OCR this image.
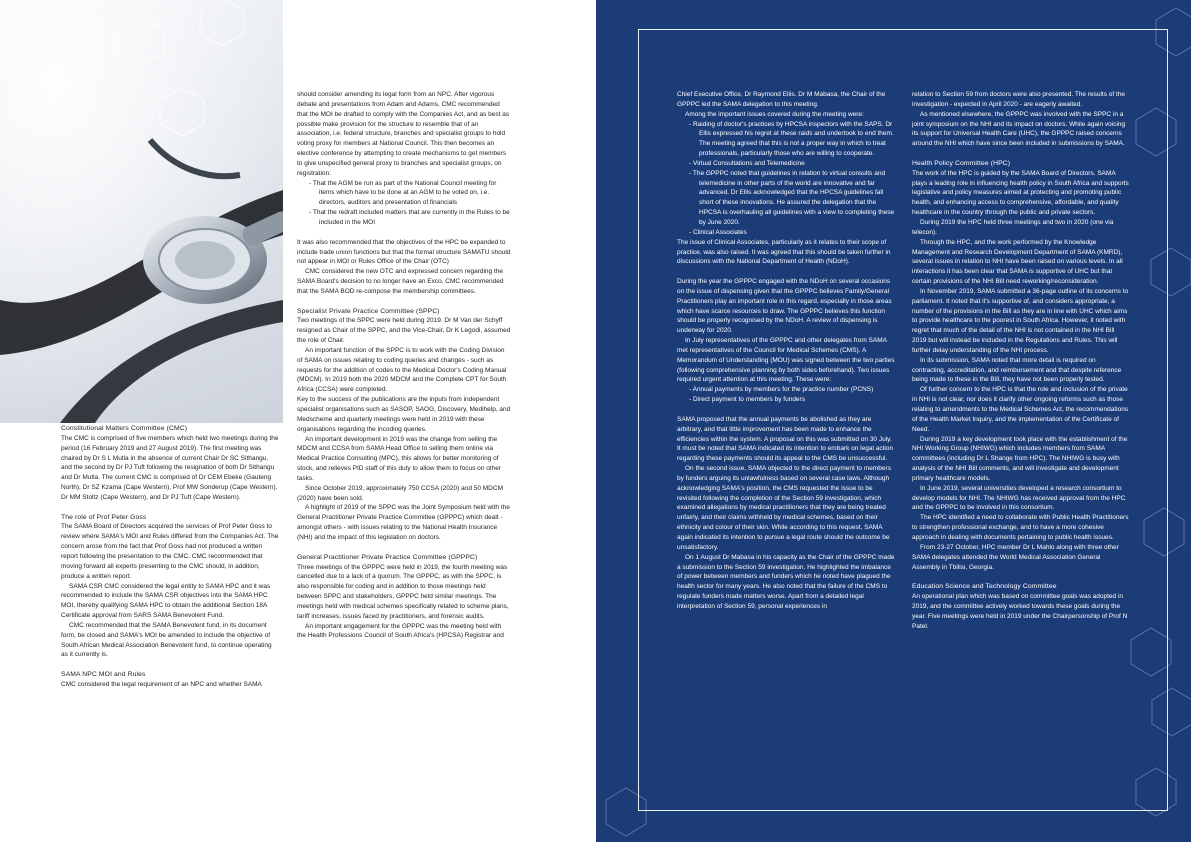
Constitutional Matters Committee (CMC)

The CMC is comprised of five members which held two meetings during the period (16 February 2019 and 27 August 2019). The first meeting was chaired by Dr S L Mutla in the absence of current Chair Dr SC Sithangu, and the second by Dr PJ Tuft following the resignation of both Dr Sithangu and Dr Mutla. The current CMC is comprised of Dr CEM Ebeke (Gauteng North), Dr SZ Kzama (Cape Western), Prof MW Sonderup (Cape Western), Dr MM Stoltz (Cape Western), and Dr PJ Tuft (Cape Western).

The role of Prof Peter Goss

The SAMA Board of Directors acquired the services of Prof Peter Goss to review where SAMA's MOI and Rules differed from the Companies Act. The concern arose from the fact that Prof Goss had not produced a written report following the presentation to the CMC. CMC recommended that moving forward all experts presenting to the CMC should, in addition, produce a written report.

SAMA CSR CMC considered the legal entity to SAMA HPC and it was recommended to include the SAMA CSR objectives into the SAMA HPC MOI, thereby qualifying SAMA HPC to obtain the additional Section 18A Certificate approval from SARS SAMA Benevolent Fund.

CMC recommended that the SAMA Benevolent fund, in its document form, be closed and SAMA's MOI be amended to include the objective of South African Medical Association Benevolent fund, to continue operating as it currently is.

SAMA NPC MOI and Rules

CMC considered the legal requirement of an NPC and whether SAMA

should consider amending its legal form from an NPC. After vigorous debate and presentations from Adam and Adams, CMC recommended that the MOI be drafted to comply with the Companies Act, and as best as possible make provision for the structure to resemble that of an association, i.e. federal structure, branches and specialist groups to hold voting proxy for members at National Council. This then becomes an elective conference by attempting to create mechanisms to get members to give unspecified general proxy to branches and specialist groups, on registration:

- That the AGM be run as part of the National Council meeting for items which have to be done at an AGM to be voted on, i.e. directors, auditors and presentation of financials

- That the redraft included matters that are currently in the Rules to be included in the MOI

It was also recommended that the objectives of the HPC be expanded to include trade union functions but that the formal structure SAMATU should not appear in MOI or Rules Office of the Chair (OTC)

CMC considered the new OTC and expressed concern regarding the SAMA Board's decision to no longer have an Exco. CMC recommended that the SAMA BOD re-compose the membership committees.

Specialist Private Practice Committee (SPPC)

Two meetings of the SPPC were held during 2019. Dr M Van der Schyff resigned as Chair of the SPPC, and the Vice-Chair, Dr K Legodi, assumed the role of Chair.

An important function of the SPPC is to work with the Coding Division of SAMA on issues relating to coding queries and changes - such as requests for the addition of codes to the Medical Doctor's Coding Manual (MDCM). In 2019 both the 2020 MDCM and the Complete CPT for South Africa (CCSA) were completed.

Key to the success of the publications are the inputs from independent specialist organisations such as SASOP, SAOG, Discovery, Medihelp, and Medscheme and quarterly meetings were held in 2019 with these organisations regarding the incoding queries.

An important development in 2019 was the change from selling the MDCM and CCSA from SAMA Head Office to selling them online via Medical Practice Consulting (MPC), this allows for better monitoring of stock, and relieves PID staff of this duty to allow them to focus on other tasks.

Since October 2019, approximately 750 CCSA (2020) and 50 MDCM (2020) have been sold.

A highlight of 2019 of the SPPC was the Joint Symposium held with the General Practitioner Private Practice Committee (GPPPC) which dealt - amongst others - with issues relating to the National Health Insurance (NHI) and the impact of this legislation on doctors.

General Practitioner Private Practice Committee (GPPPC)

Three meetings of the GPPPC were held in 2019, the fourth meeting was cancelled due to a lack of a quorum. The GPPPC, as with the SPPC, is also responsible for coding and in addition to those meetings held between SPPC and stakeholders, GPPPC held similar meetings. The meetings held with medical schemes specifically related to scheme plans, tariff increases, issues faced by practitioners, and forensic audits.

An important engagement for the GPPPC was the meeting held with the Health Professions Council of South Africa's (HPCSA) Registrar and

Chief Executive Office, Dr Raymond Ellis. Dr M Mabasa, the Chair of the GPPPC led the SAMA delegation to this meeting.

Among the important issues covered during the meeting were:

- Raiding of doctor's practices by HPCSA inspectors with the SAPS. Dr Ellis expressed his regret at these raids and undertook to end them. The meeting agreed that this is not a proper way in which to treat professionals, particularly those who are willing to cooperate.

- Virtual Consultations and Telemedicine

- The GPPPC noted that guidelines in relation to virtual consults and telemedicine in other parts of the world are innovative and far advanced. Dr Ellis acknowledged that the HPCSA guidelines fall short of these innovations. He assured the delegation that the HPCSA is overhauling all guidelines with a view to completing these by June 2020.

- Clinical Associates

The issue of Clinical Associates, particularly as it relates to their scope of practice, was also raised. It was agreed that this should be taken further in discussions with the National Department of Health (NDoH).

During the year the GPPPC engaged with the NDoH on several occasions on the issue of dispensing given that the GPPPC believes Family/General Practitioners play an important role in this regard, especially in those areas which have scarce resources to draw. The GPPPC believes this function should be properly recognised by the NDoH. A review of dispensing is underway for 2020.

In July representatives of the GPPPC and other delegates from SAMA met representatives of the Council for Medical Schemes (CMS). A Memorandum of Understanding (MOU) was signed between the two parties (following comprehensive planning by both sides beforehand). Two issues required urgent attention at this meeting. These were:

- Annual payments by members for the practice number (PCNS)

- Direct payment to members by funders

SAMA proposed that the annual payments be abolished as they are arbitrary, and that little improvement has been made to enhance the efficiencies within the system. A proposal on this was submitted on 30 July. It must be noted that SAMA indicated its intention to embark on legal action regarding these payments should its appeal to the CMS be unsuccessful.

On the second issue, SAMA objected to the direct payment to members by funders arguing its unlawfulness based on several case laws. Although acknowledging SAMA's position, the CMS requested the issue to be revisited following the completion of the Section 59 investigation, which examined allegations by medical practitioners that they are being treated unfairly, and their claims withheld by medical schemes, based on their ethnicity and colour of their skin. While according to this request, SAMA again indicated its intention to pursue a legal route should the outcome be unsatisfactory.

On 1 August Dr Mabasa in his capacity as the Chair of the GPPPC made a submission to the Section 59 investigation. He highlighted the imbalance of power between members and funders which he noted have plagued the health sector for many years. He also noted that the failure of the CMS to regulate funders made matters worse. Apart from a detailed legal interpretation of Section 59, personal experiences in

relation to Section 59 from doctors were also presented. The results of the investigation - expected in April 2020 - are eagerly awaited.

As mentioned elsewhere, the GPPPC was involved with the SPPC in a joint symposium on the NHI and its impact on doctors. While again voicing its support for Universal Health Care (UHC), the GPPPC raised concerns around the NHI which have since been included in submissions by SAMA.

Health Policy Committee (HPC)

The work of the HPC is guided by the SAMA Board of Directors. SAMA plays a leading role in influencing health policy in South Africa and supports legislative and policy measures aimed at protecting and promoting public health, and enhancing access to comprehensive, affordable, and quality healthcare in the country through the public and private sectors.

During 2019 the HPC held three meetings and two in 2020 (one via telecon).

Through the HPC, and the work performed by the Knowledge Management and Research Development Department of SAMA (KMRD), several issues in relation to NHI have been raised on various levels. In all interactions it has been clear that SAMA is supportive of UHC but that certain provisions of the NHI Bill need reworking/reconsideration.

In November 2019, SAMA submitted a 36-page outline of its concerns to parliament. It noted that it's supportive of, and considers appropriate, a number of the provisions in the Bill as they are in line with UHC which aims to provide healthcare to the poorest in South Africa. However, it noted with regret that much of the detail of the NHI is not contained in the NHI Bill 2019 but will instead be included in the Regulations and Rules. This will further delay understanding of the NHI process.

In its submission, SAMA noted that more detail is required on contracting, accreditation, and reimbursement and that despite reference being made to these in the Bill, they have not been properly tested.

Of further concern to the HPC is that the role and inclusion of the private in NHI is not clear, nor does it clarify other ongoing reforms such as those relating to amendments to the Medical Schemes Act, the recommendations of the Health Market Inquiry, and the implementation of the Certificate of Need.

During 2019 a key development took place with the establishment of the NHI Working Group (NHIWG) which includes members from SAMA committees (including Dr L Shange from HPC). The NHIWG is busy with analysis of the NHI Bill comments, and will investigate and development primary healthcare models.

In June 2019, several universities developed a research consortium to develop models for NHI. The NHIWG has received approval from the HPC and the GPPPC to be involved in this consortium.

The HPC identified a need to collaborate with Public Health Practitioners to strengthen professional exchange, and to have a more cohesive approach in dealing with documents pertaining to public health issues.

From 23-27 October, HPC member Dr L Mahlo along with three other SAMA delegates attended the World Medical Association General Assembly in Tbilisi, Georgia.

Education Science and Technology Committee

An operational plan which was based on committee goals was adopted in 2019, and the committee actively worked towards these goals during the year. Five meetings were held in 2019 under the Chairpersonship of Prof N Patel.
